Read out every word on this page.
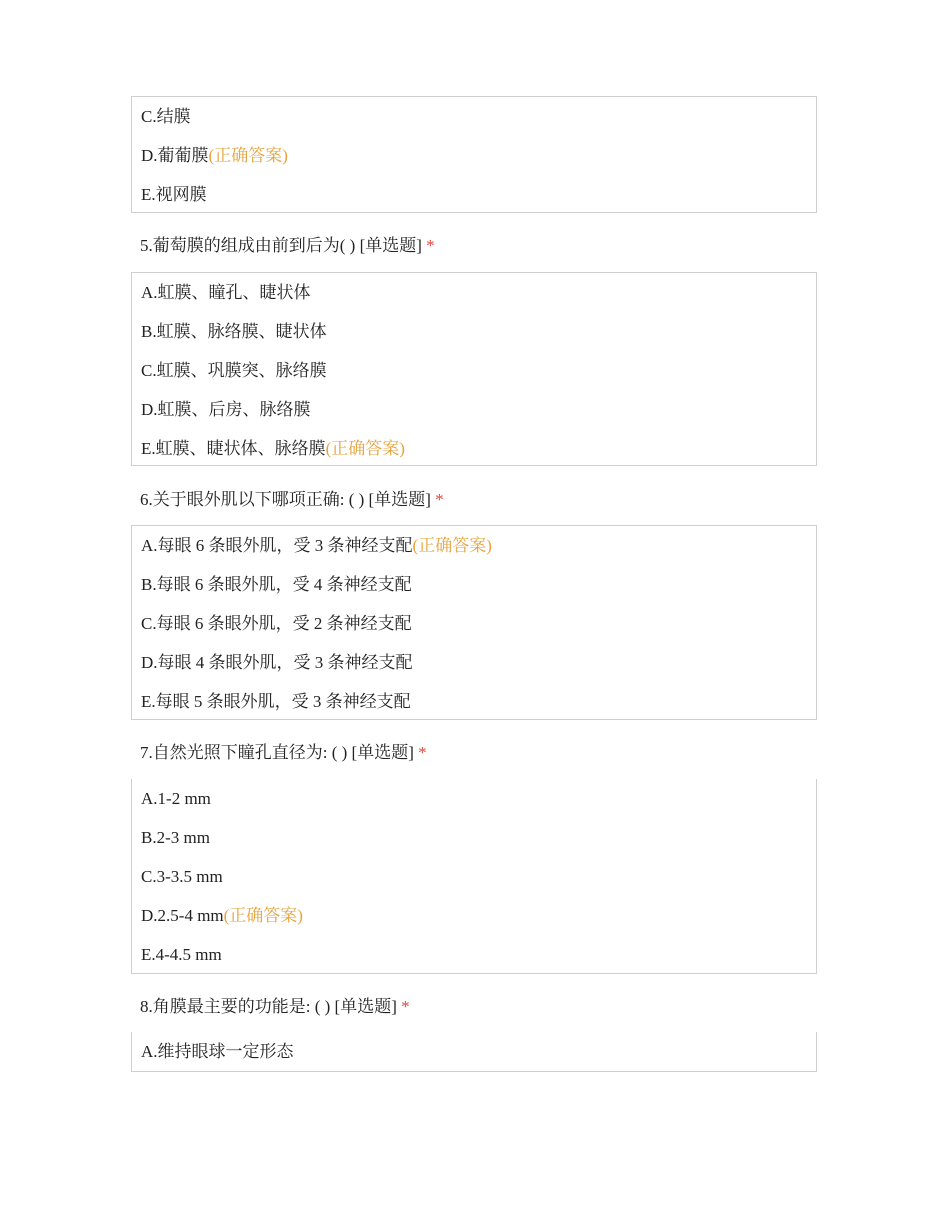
C.结膜
D.葡葡膜(正确答案)
E.视网膜
5.葡萄膜的组成由前到后为( ) [单选题] *
A.虹膜、瞳孔、睫状体
B.虹膜、脉络膜、睫状体
C.虹膜、巩膜突、脉络膜
D.虹膜、后房、脉络膜
E.虹膜、睫状体、脉络膜(正确答案)
6.关于眼外肌以下哪项正确: ( ) [单选题] *
A.每眼 6 条眼外肌，受 3 条神经支配(正确答案)
B.每眼 6 条眼外肌，受 4 条神经支配
C.每眼 6 条眼外肌，受 2 条神经支配
D.每眼 4 条眼外肌，受 3 条神经支配
E.每眼 5 条眼外肌，受 3 条神经支配
7.自然光照下瞳孔直径为: ( ) [单选题] *
A.1-2 mm
B.2-3 mm
C.3-3.5 mm
D.2.5-4 mm(正确答案)
E.4-4.5 mm
8.角膜最主要的功能是: ( ) [单选题] *
A.维持眼球一定形态
